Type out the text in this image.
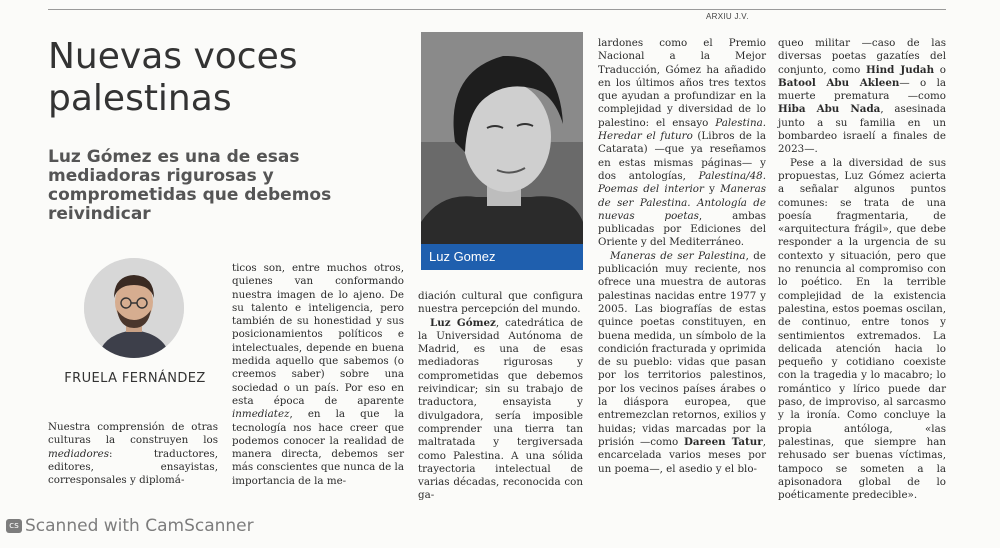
ARXIU J.V.
Nuevas voces palestinas
Luz Gómez es una de esas mediadoras rigurosas y comprometidas que debemos reivindicar
FRUELA FERNÁNDEZ
Luz Gomez

Nuestra comprensión de otras culturas la construyen los mediadores: traductores, editores, ensayistas, corresponsales y diplomá-

ticos son, entre muchos otros, quienes van conformando nuestra imagen de lo ajeno. De su talento e inteligencia, pero también de su honestidad y sus posicionamientos políticos e intelectuales, depende en buena medida aquello que sabemos (o creemos saber) sobre una sociedad o un país. Por eso en esta época de aparente inmediatez, en la que la tecnología nos hace creer que podemos conocer la realidad de manera directa, debemos ser más conscientes que nunca de la importancia de la me-

diación cultural que configura nuestra percepción del mundo.

Luz Gómez, catedrática de la Universidad Autónoma de Madrid, es una de esas mediadoras rigurosas y comprometidas que debemos reivindicar; sin su trabajo de traductora, ensayista y divulgadora, sería imposible comprender una tierra tan maltratada y tergiversada como Palestina. A una sólida trayectoria intelectual de varias décadas, reconocida con ga-

lardones como el Premio Nacional a la Mejor Traducción, Gómez ha añadido en los últimos años tres textos que ayudan a profundizar en la complejidad y diversidad de lo palestino: el ensayo Palestina. Heredar el futuro (Libros de la Catarata) —que ya reseñamos en estas mismas páginas— y dos antologías, Palestina/48. Poemas del interior y Maneras de ser Palestina. Antología de nuevas poetas, ambas publicadas por Ediciones del Oriente y del Mediterráneo.

Maneras de ser Palestina, de publicación muy reciente, nos ofrece una muestra de autoras palestinas nacidas entre 1977 y 2005. Las biografías de estas quince poetas constituyen, en buena medida, un símbolo de la condición fracturada y oprimida de su pueblo: vidas que pasan por los territorios palestinos, por los vecinos países árabes o la diáspora europea, que entremezclan retornos, exilios y huidas; vidas marcadas por la prisión —como Dareen Tatur, encarcelada varios meses por un poema—, el asedio y el blo-

queo militar —caso de las diversas poetas gazatíes del conjunto, como Hind Judah o Batool Abu Akleen— o la muerte prematura —como Hiba Abu Nada, asesinada junto a su familia en un bombardeo israelí a finales de 2023—.

Pese a la diversidad de sus propuestas, Luz Gómez acierta a señalar algunos puntos comunes: se trata de una poesía fragmentaria, de «arquitectura frágil», que debe responder a la urgencia de su contexto y situación, pero que no renuncia al compromiso con lo poético. En la terrible complejidad de la existencia palestina, estos poemas oscilan, de continuo, entre tonos y sentimientos extremados. La delicada atención hacia lo pequeño y cotidiano coexiste con la tragedia y lo macabro; lo romántico y lírico puede dar paso, de improviso, al sarcasmo y la ironía. Como concluye la propia antóloga, «las palestinas, que siempre han rehusado ser buenas víctimas, tampoco se someten a la apisonadora global de lo poéticamente predecible».

cs Scanned with CamScanner
